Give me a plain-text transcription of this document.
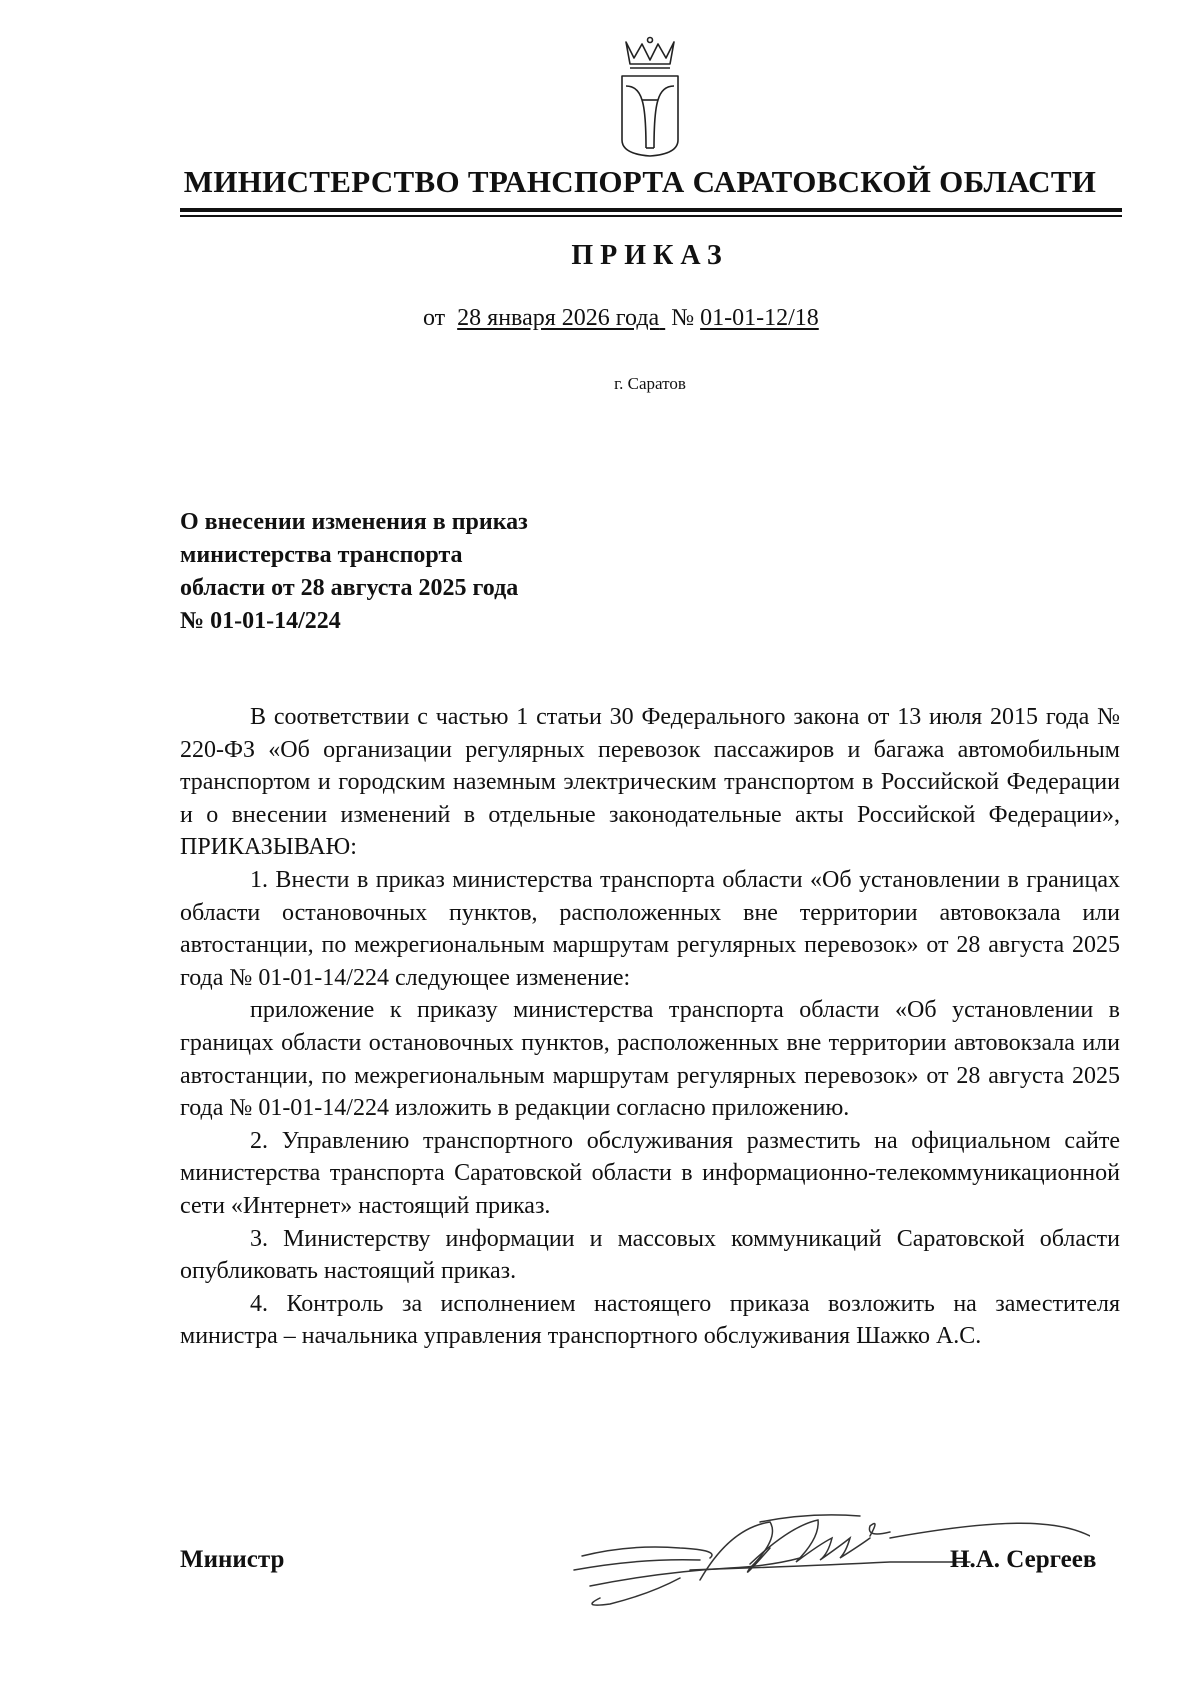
МИНИСТЕРСТВО ТРАНСПОРТА САРАТОВСКОЙ ОБЛАСТИ
ПРИКАЗ
от 28 января 2026 года № 01-01-12/18
г. Саратов
О внесении изменения в приказ
министерства транспорта
области от 28 августа 2025 года
№ 01-01-14/224

В соответствии с частью 1 статьи 30 Федерального закона от 13 июля 2015 года № 220-ФЗ «Об организации регулярных перевозок пассажиров и багажа автомобильным транспортом и городским наземным электрическим транспортом в Российской Федерации и о внесении изменений в отдельные законодательные акты Российской Федерации», ПРИКАЗЫВАЮ:

1. Внести в приказ министерства транспорта области «Об установлении в границах области остановочных пунктов, расположенных вне территории автовокзала или автостанции, по межрегиональным маршрутам регулярных перевозок» от 28 августа 2025 года № 01-01-14/224 следующее изменение:

приложение к приказу министерства транспорта области «Об установлении в границах области остановочных пунктов, расположенных вне территории автовокзала или автостанции, по межрегиональным маршрутам регулярных перевозок» от 28 августа 2025 года № 01-01-14/224 изложить в редакции согласно приложению.

2. Управлению транспортного обслуживания разместить на официальном сайте министерства транспорта Саратовской области в информационно-телекоммуникационной сети «Интернет» настоящий приказ.

3. Министерству информации и массовых коммуникаций Саратовской области опубликовать настоящий приказ.

4. Контроль за исполнением настоящего приказа возложить на заместителя министра – начальника управления транспортного обслуживания Шажко А.С.

Министр	Н.А. Сергеев
